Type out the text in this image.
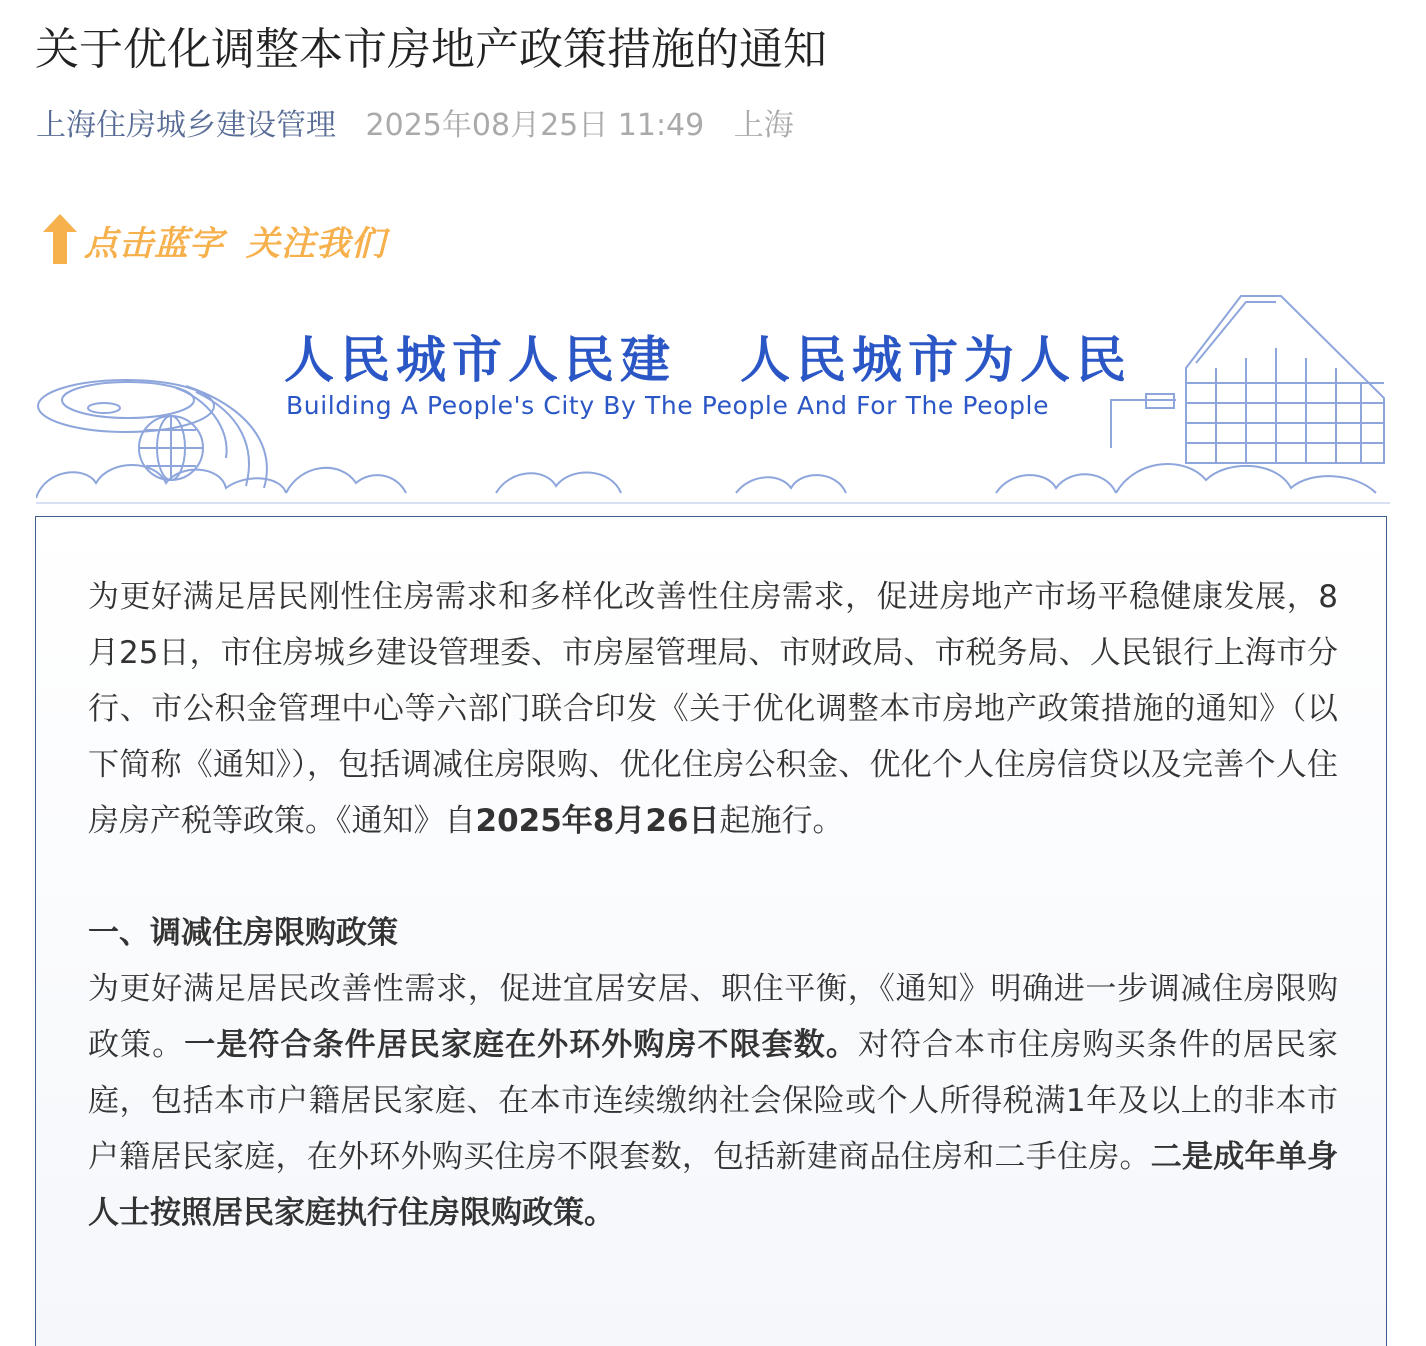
关于优化调整本市房地产政策措施的通知
上海住房城乡建设管理 2025年08月25日 11:49 上海
点击蓝字 关注我们
人民城市人民建 人民城市为人民
Building A People's City By The People And For The People

为更好满足居民刚性住房需求和多样化改善性住房需求，促进房地产市场平稳健康发展，8月25日，市住房城乡建设管理委、市房屋管理局、市财政局、市税务局、人民银行上海市分行、市公积金管理中心等六部门联合印发《关于优化调整本市房地产政策措施的通知》（以下简称《通知》），包括调减住房限购、优化住房公积金、优化个人住房信贷以及完善个人住房房产税等政策。《通知》自2025年8月26日起施行。

一、调减住房限购政策

为更好满足居民改善性需求，促进宜居安居、职住平衡，《通知》明确进一步调减住房限购政策。一是符合条件居民家庭在外环外购房不限套数。对符合本市住房购买条件的居民家庭，包括本市户籍居民家庭、在本市连续缴纳社会保险或个人所得税满1年及以上的非本市户籍居民家庭，在外环外购买住房不限套数，包括新建商品住房和二手住房。二是成年单身人士按照居民家庭执行住房限购政策。
